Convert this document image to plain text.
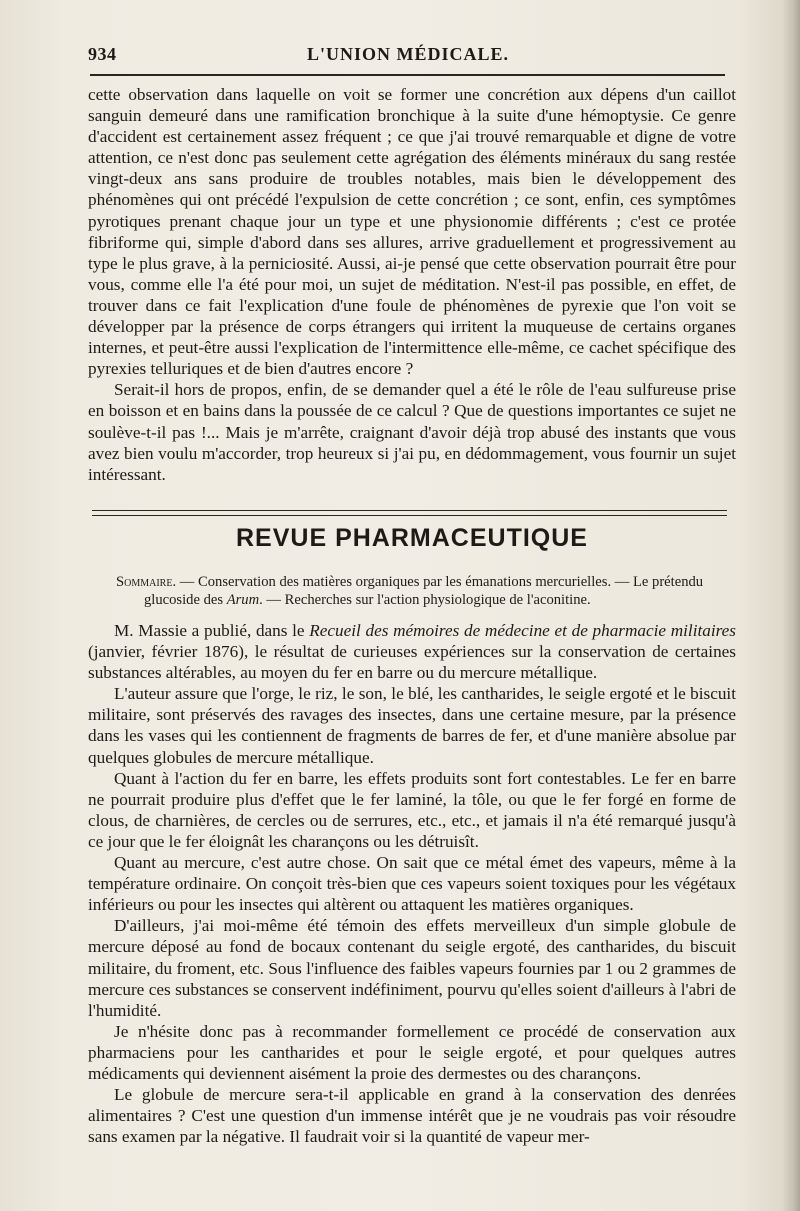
934	L'UNION MÉDICALE.

cette observation dans laquelle on voit se former une concrétion aux dépens d'un caillot sanguin demeuré dans une ramification bronchique à la suite d'une hémoptysie. Ce genre d'accident est certainement assez fréquent ; ce que j'ai trouvé remarquable et digne de votre attention, ce n'est donc pas seulement cette agrégation des éléments minéraux du sang restée vingt-deux ans sans produire de troubles notables, mais bien le développement des phénomènes qui ont précédé l'expulsion de cette concrétion ; ce sont, enfin, ces symptômes pyrotiques prenant chaque jour un type et une physionomie différents ; c'est ce protée fibriforme qui, simple d'abord dans ses allures, arrive graduellement et progressivement au type le plus grave, à la perniciosité. Aussi, ai-je pensé que cette observation pourrait être pour vous, comme elle l'a été pour moi, un sujet de méditation. N'est-il pas possible, en effet, de trouver dans ce fait l'explication d'une foule de phénomènes de pyrexie que l'on voit se développer par la présence de corps étrangers qui irritent la muqueuse de certains organes internes, et peut-être aussi l'explication de l'intermittence elle-même, ce cachet spécifique des pyrexies telluriques et de bien d'autres encore ?

Serait-il hors de propos, enfin, de se demander quel a été le rôle de l'eau sulfureuse prise en boisson et en bains dans la poussée de ce calcul ? Que de questions importantes ce sujet ne soulève-t-il pas !... Mais je m'arrête, craignant d'avoir déjà trop abusé des instants que vous avez bien voulu m'accorder, trop heureux si j'ai pu, en dédommagement, vous fournir un sujet intéressant.

REVUE PHARMACEUTIQUE
Sommaire. — Conservation des matières organiques par les émanations mercurielles. — Le prétendu glucoside des Arum. — Recherches sur l'action physiologique de l'aconitine.

M. Massie a publié, dans le Recueil des mémoires de médecine et de pharmacie militaires (janvier, février 1876), le résultat de curieuses expériences sur la conservation de certaines substances altérables, au moyen du fer en barre ou du mercure métallique.

L'auteur assure que l'orge, le riz, le son, le blé, les cantharides, le seigle ergoté et le biscuit militaire, sont préservés des ravages des insectes, dans une certaine mesure, par la présence dans les vases qui les contiennent de fragments de barres de fer, et d'une manière absolue par quelques globules de mercure métallique.

Quant à l'action du fer en barre, les effets produits sont fort contestables. Le fer en barre ne pourrait produire plus d'effet que le fer laminé, la tôle, ou que le fer forgé en forme de clous, de charnières, de cercles ou de serrures, etc., etc., et jamais il n'a été remarqué jusqu'à ce jour que le fer éloignât les charançons ou les détruisît.

Quant au mercure, c'est autre chose. On sait que ce métal émet des vapeurs, même à la température ordinaire. On conçoit très-bien que ces vapeurs soient toxiques pour les végétaux inférieurs ou pour les insectes qui altèrent ou attaquent les matières organiques.

D'ailleurs, j'ai moi-même été témoin des effets merveilleux d'un simple globule de mercure déposé au fond de bocaux contenant du seigle ergoté, des cantharides, du biscuit militaire, du froment, etc. Sous l'influence des faibles vapeurs fournies par 1 ou 2 grammes de mercure ces substances se conservent indéfiniment, pourvu qu'elles soient d'ailleurs à l'abri de l'humidité.

Je n'hésite donc pas à recommander formellement ce procédé de conservation aux pharmaciens pour les cantharides et pour le seigle ergoté, et pour quelques autres médicaments qui deviennent aisément la proie des dermestes ou des charançons.

Le globule de mercure sera-t-il applicable en grand à la conservation des denrées alimentaires ? C'est une question d'un immense intérêt que je ne voudrais pas voir résoudre sans examen par la négative. Il faudrait voir si la quantité de vapeur mer-
